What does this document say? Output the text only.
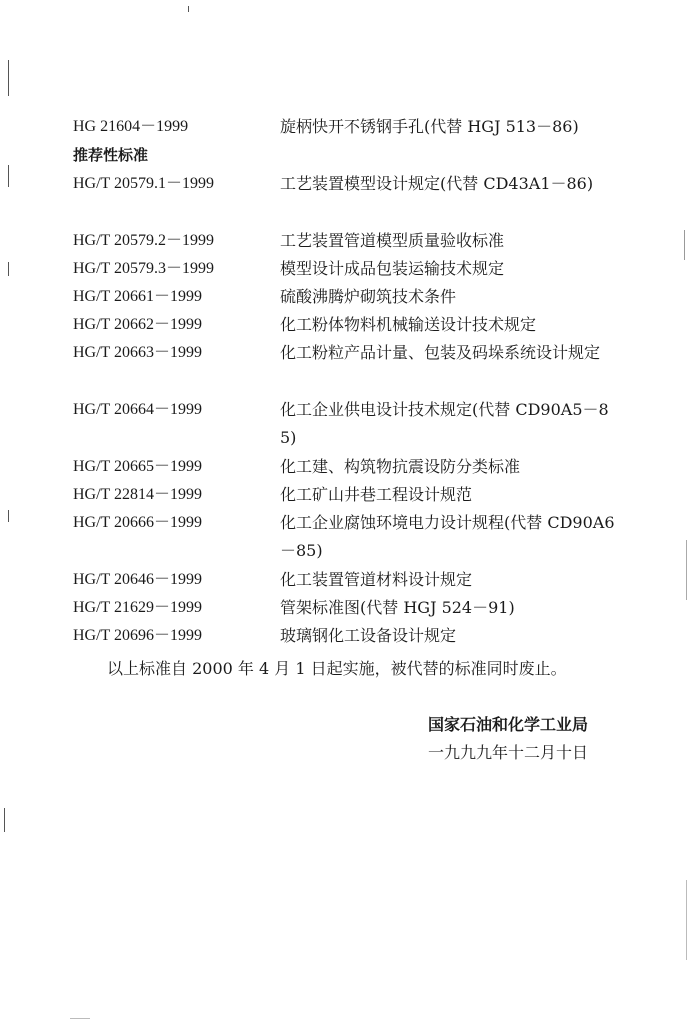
HG 21604－1999	旋柄快开不锈钢手孔(代替 HGJ 513－86)
推荐性标准
HG/T 20579.1－1999	工艺装置模型设计规定(代替 CD43A1－86)
HG/T 20579.2－1999	工艺装置管道模型质量验收标准
HG/T 20579.3－1999	模型设计成品包装运输技术规定
HG/T 20661－1999	硫酸沸腾炉砌筑技术条件
HG/T 20662－1999	化工粉体物料机械输送设计技术规定
HG/T 20663－1999	化工粉粒产品计量、包装及码垛系统设计规定
HG/T 20664－1999	化工企业供电设计技术规定(代替 CD90A5－85)
HG/T 20665－1999	化工建、构筑物抗震设防分类标准
HG/T 22814－1999	化工矿山井巷工程设计规范
HG/T 20666－1999	化工企业腐蚀环境电力设计规程(代替 CD90A6－85)
HG/T 20646－1999	化工装置管道材料设计规定
HG/T 21629－1999	管架标准图(代替 HGJ 524－91)
HG/T 20696－1999	玻璃钢化工设备设计规定
以上标准自 2000 年 4 月 1 日起实施，被代替的标准同时废止。
国家石油和化学工业局
一九九九年十二月十日
